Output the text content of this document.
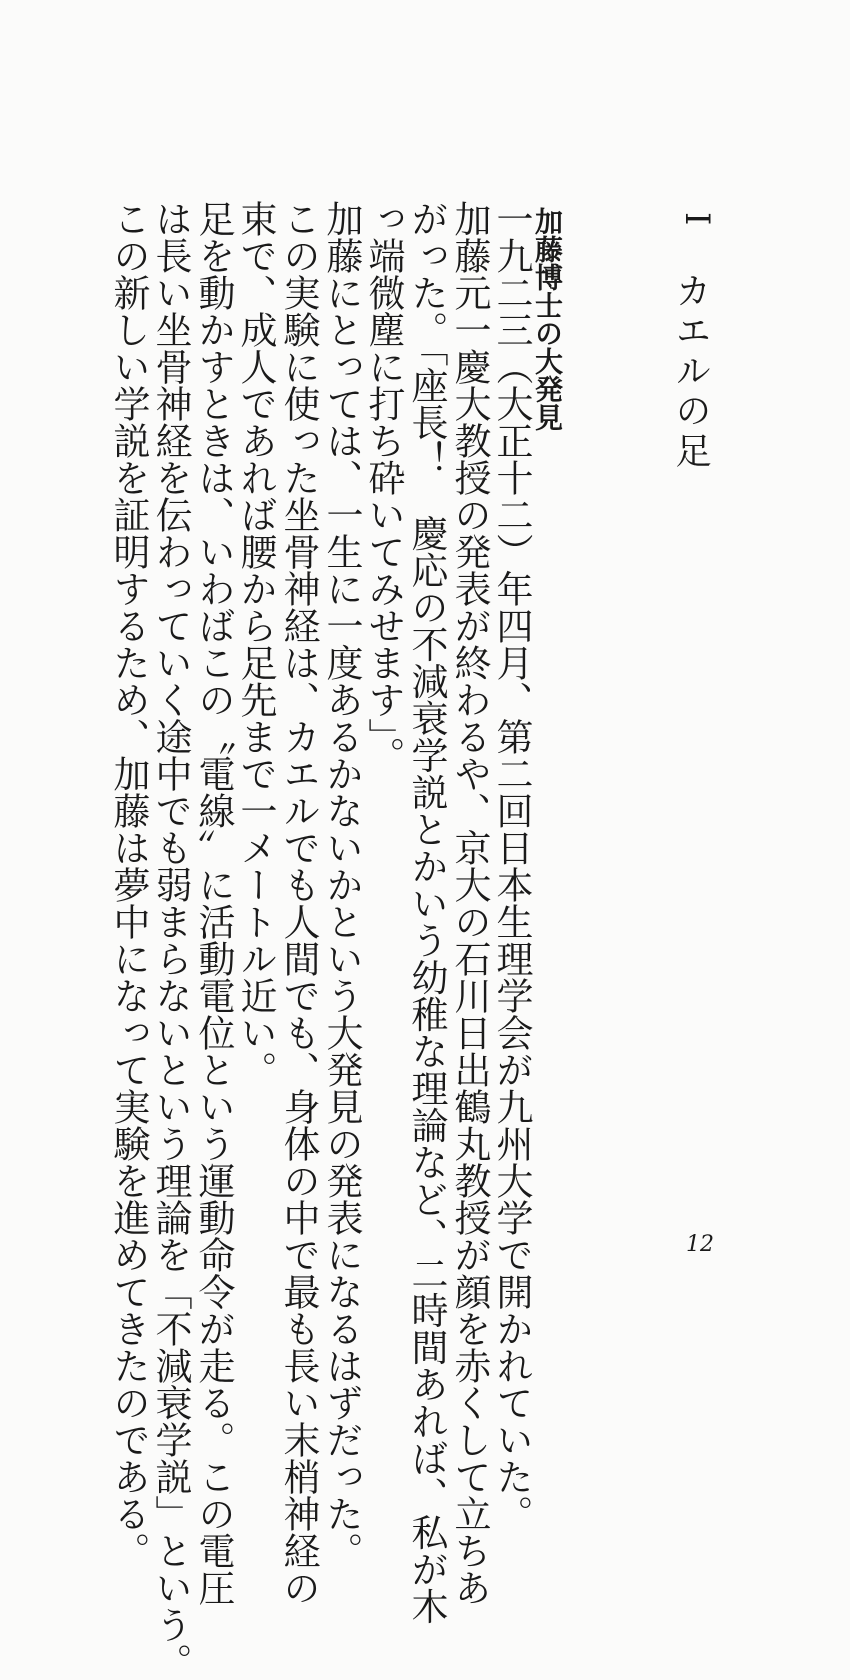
I
カエルの足
加藤博士の大発見
一九二三（大正十二）年四月、第二回日本生理学会が九州大学で開かれていた。
加藤元一慶大教授の発表が終わるや、京大の石川日出鶴丸教授が顔を赤くして立ちあ
がった。「座長！　慶応の不減衰学説とかいう幼稚な理論など、二時間あれば、私が木
っ端微塵に打ち砕いてみせます」。
加藤にとっては、一生に一度あるかないかという大発見の発表になるはずだった。
この実験に使った坐骨神経は、カエルでも人間でも、身体の中で最も長い末梢神経の
束で、成人であれば腰から足先まで一メートル近い。
足を動かすときは、いわばこの〝電線〟に活動電位という運動命令が走る。この電圧
は長い坐骨神経を伝わっていく途中でも弱まらないという理論を「不減衰学説」という。
この新しい学説を証明するため、加藤は夢中になって実験を進めてきたのである。	12
